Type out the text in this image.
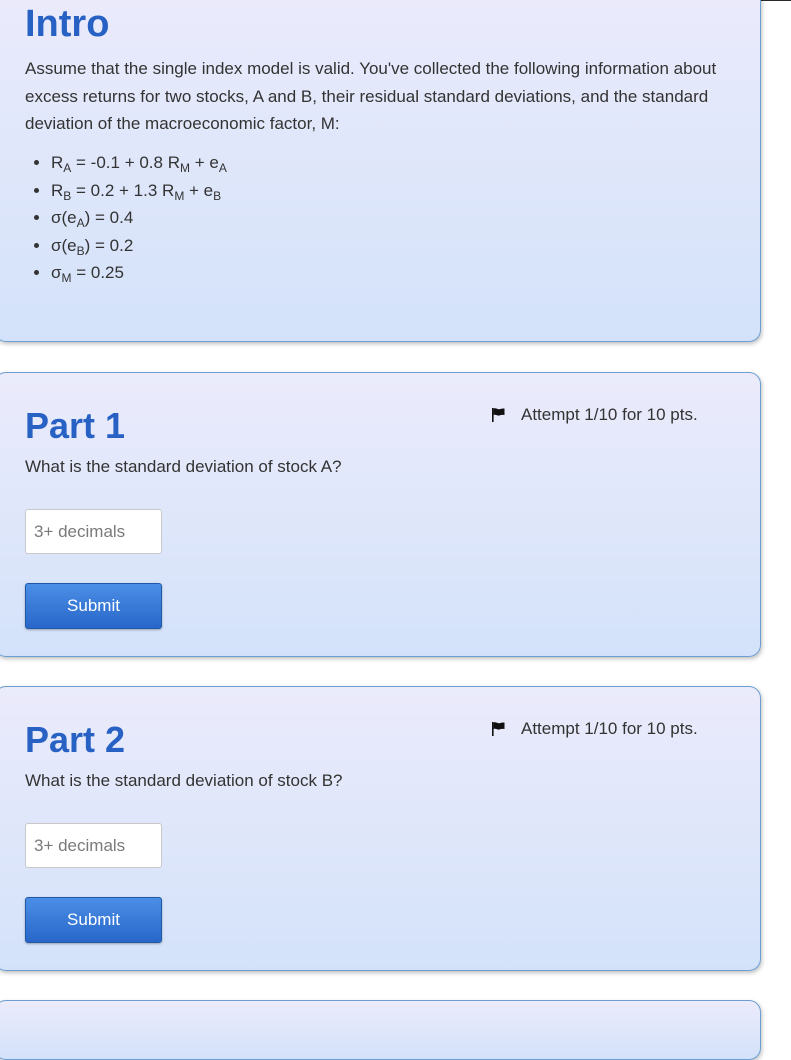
Intro

Assume that the single index model is valid. You've collected the following information about excess returns for two stocks, A and B, their residual standard deviations, and the standard deviation of the macroeconomic factor, M:

• $R_A = -0.1 + 0.8$ $R_M + e_A$
• $R_B = 0.2 + 1.3$ $R_M + e_B$
• $\sigma(e_A) = 0.4$
• $\sigma(e_B) = 0.2$
• $\sigma_M = 0.25$
Part 1	Attempt 1/10 for 10 pts.

What is the standard deviation of stock A?

3+ decimals
Submit
Part 2	Attempt 1/10 for 10 pts.

What is the standard deviation of stock B?

3+ decimals
Submit
